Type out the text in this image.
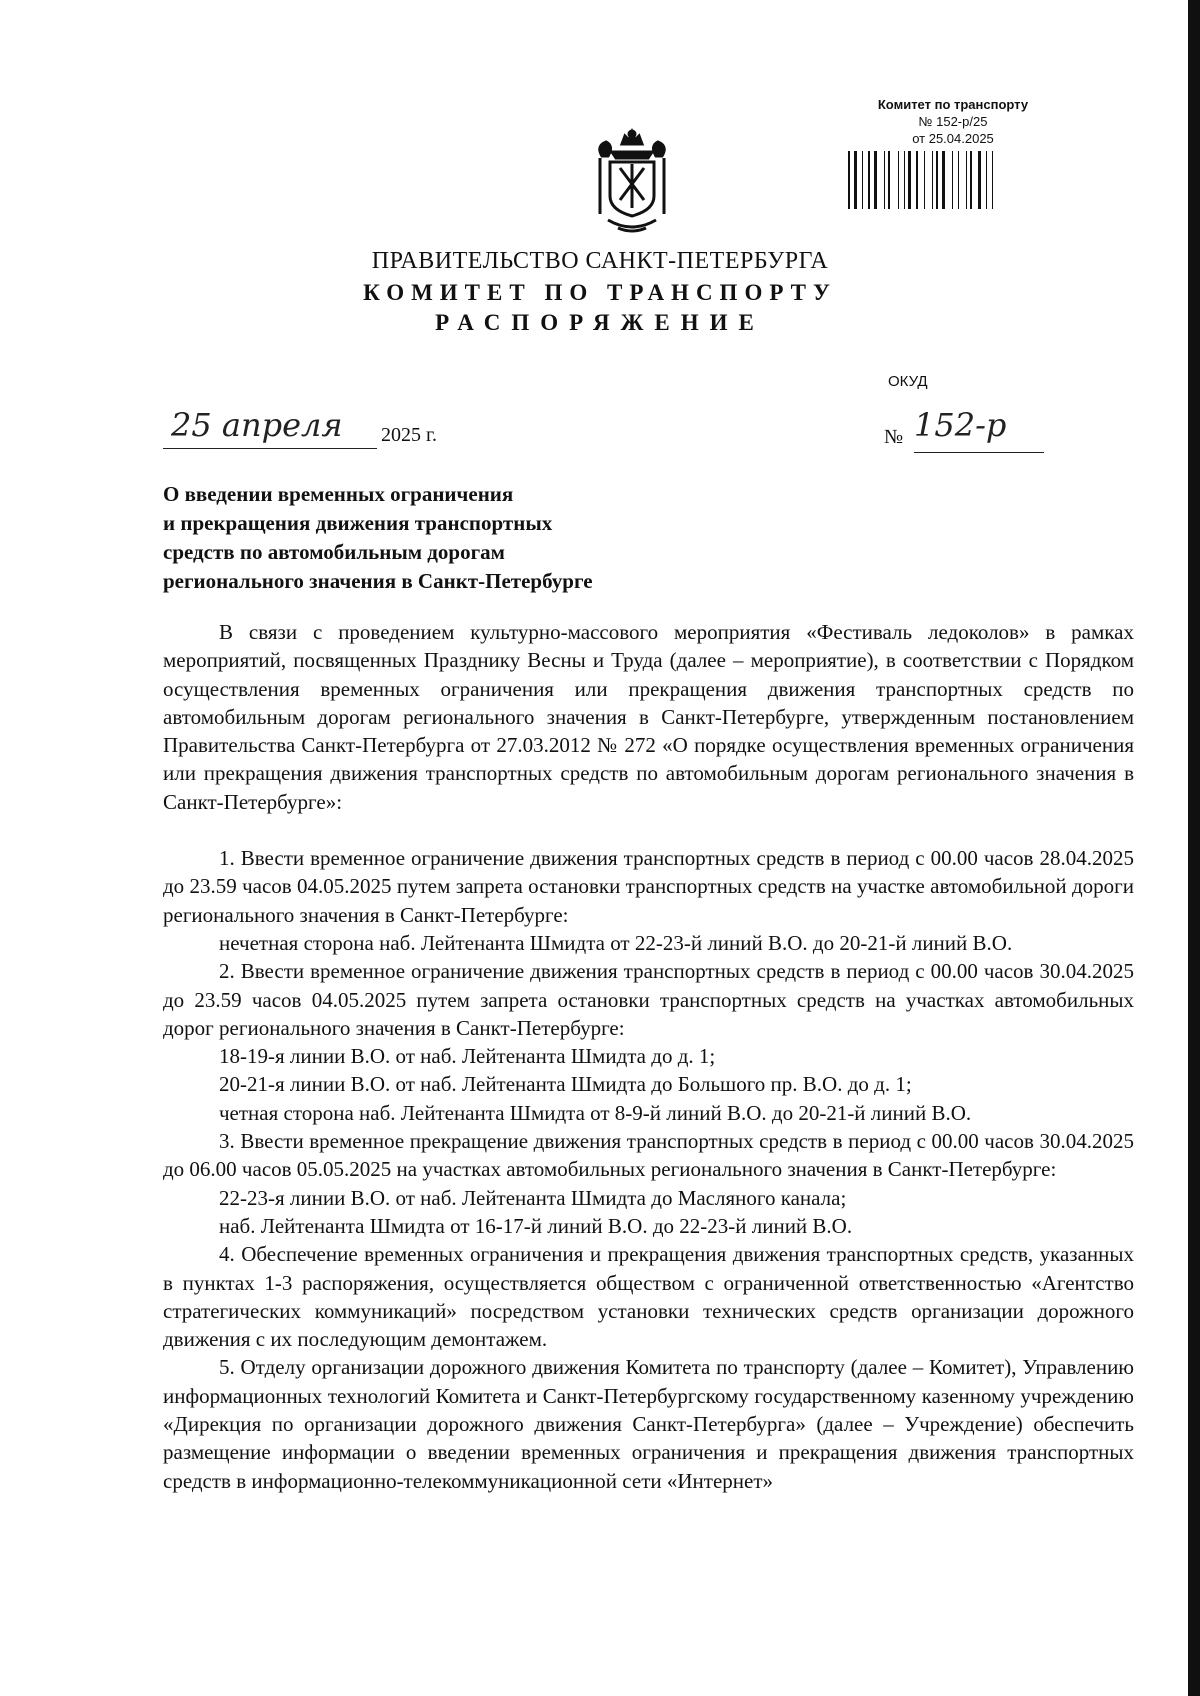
Комитет по транспорту
№ 152-р/25
от 25.04.2025
ПРАВИТЕЛЬСТВО САНКТ-ПЕТЕРБУРГА
КОМИТЕТ ПО ТРАНСПОРТУ
РАСПОРЯЖЕНИЕ
ОКУД
25 апреля 2025 г.	№ 152-р
О введении временных ограничения
и прекращения движения транспортных
средств по автомобильным дорогам
регионального значения в Санкт-Петербурге

В связи с проведением культурно-массового мероприятия «Фестиваль ледоколов» в рамках мероприятий, посвященных Празднику Весны и Труда (далее – мероприятие), в соответствии с Порядком осуществления временных ограничения или прекращения движения транспортных средств по автомобильным дорогам регионального значения в Санкт-Петербурге, утвержденным постановлением Правительства Санкт-Петербурга от 27.03.2012 № 272 «О порядке осуществления временных ограничения или прекращения движения транспортных средств по автомобильным дорогам регионального значения в Санкт-Петербурге»:

1. Ввести временное ограничение движения транспортных средств в период с 00.00 часов 28.04.2025 до 23.59 часов 04.05.2025 путем запрета остановки транспортных средств на участке автомобильной дороги регионального значения в Санкт-Петербурге:

нечетная сторона наб. Лейтенанта Шмидта от 22-23-й линий В.О. до 20-21-й линий В.О.

2. Ввести временное ограничение движения транспортных средств в период с 00.00 часов 30.04.2025 до 23.59 часов 04.05.2025 путем запрета остановки транспортных средств на участках автомобильных дорог регионального значения в Санкт-Петербурге:

18-19-я линии В.О. от наб. Лейтенанта Шмидта до д. 1;

20-21-я линии В.О. от наб. Лейтенанта Шмидта до Большого пр. В.О. до д. 1;

четная сторона наб. Лейтенанта Шмидта от 8-9-й линий В.О. до 20-21-й линий В.О.

3. Ввести временное прекращение движения транспортных средств в период с 00.00 часов 30.04.2025 до 06.00 часов 05.05.2025 на участках автомобильных регионального значения в Санкт-Петербурге:

22-23-я линии В.О. от наб. Лейтенанта Шмидта до Масляного канала;

наб. Лейтенанта Шмидта от 16-17-й линий В.О. до 22-23-й линий В.О.

4. Обеспечение временных ограничения и прекращения движения транспортных средств, указанных в пунктах 1-3 распоряжения, осуществляется обществом с ограниченной ответственностью «Агентство стратегических коммуникаций» посредством установки технических средств организации дорожного движения с их последующим демонтажем.

5. Отделу организации дорожного движения Комитета по транспорту (далее – Комитет), Управлению информационных технологий Комитета и Санкт-Петербургскому государственному казенному учреждению «Дирекция по организации дорожного движения Санкт-Петербурга» (далее – Учреждение) обеспечить размещение информации о введении временных ограничения и прекращения движения транспортных средств в информационно-телекоммуникационной сети «Интернет»
